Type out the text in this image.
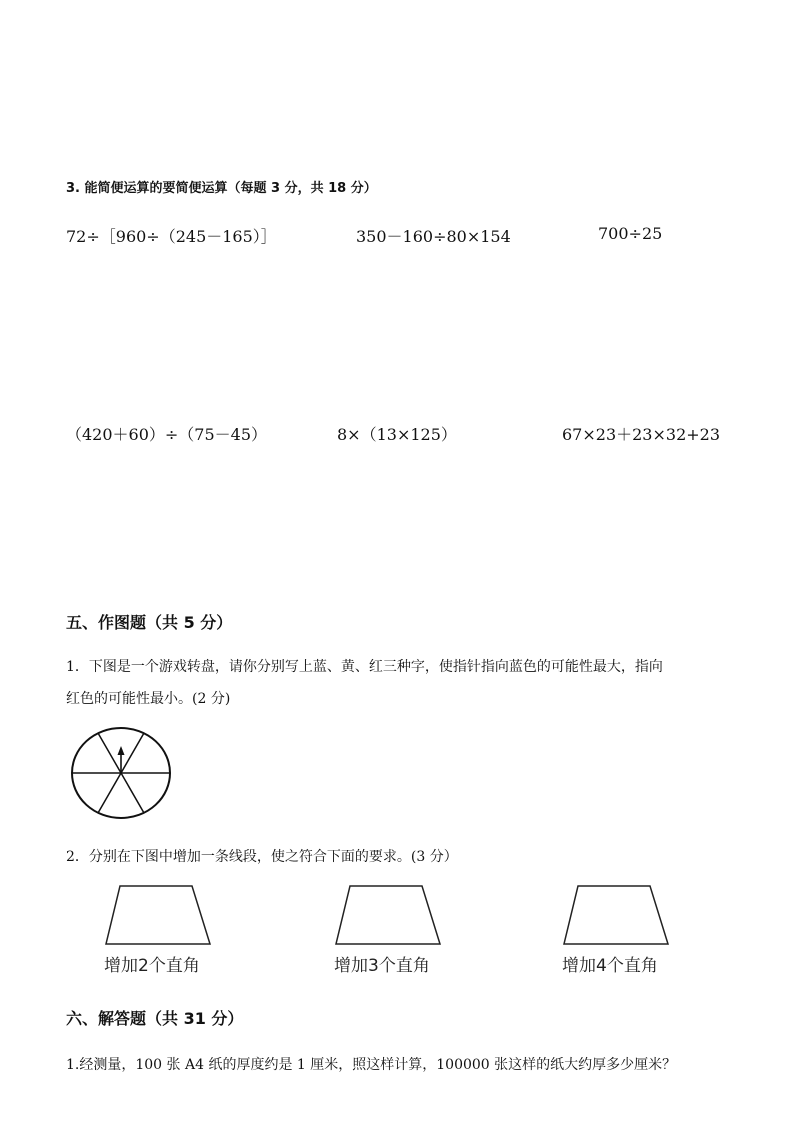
3. 能简便运算的要简便运算（每题 3 分，共 18 分）
72÷［960÷（245－165）］	350－160÷80×154	700÷25
（420＋60）÷（75－45）	8×（13×125）	67×23＋23×32+23
五、作图题（共 5 分）
1．下图是一个游戏转盘，请你分别写上蓝、黄、红三种字，使指针指向蓝色的可能性最大，指向
红色的可能性最小。(2 分)
2．分别在下图中增加一条线段，使之符合下面的要求。(3 分）
增加2个直角	增加3个直角	增加4个直角
六、解答题（共 31 分）
1.经测量，100 张 A4 纸的厚度约是 1 厘米，照这样计算，100000 张这样的纸大约厚多少厘米？
